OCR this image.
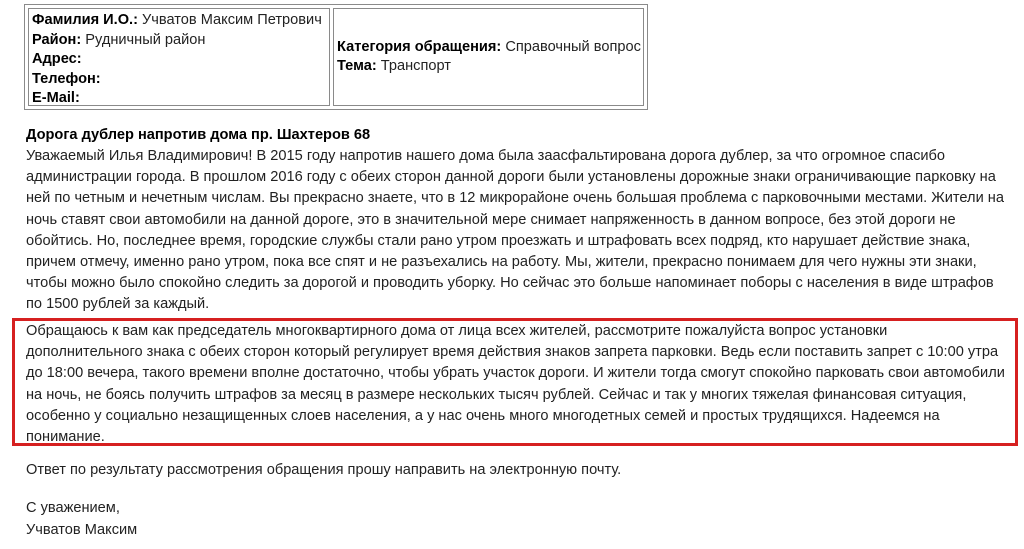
Фамилия И.О.: Учватов Максим Петрович
Район: Рудничный район
Адрес:
Телефон:
E-Mail:
Категория обращения: Справочный вопрос
Тема: Транспорт

Дорога дублер напротив дома пр. Шахтеров 68

Уважаемый Илья Владимирович! В 2015 году напротив нашего дома была заасфальтирована дорога дублер, за что огромное спасибо администрации города. В прошлом 2016 году с обеих сторон данной дороги были установлены дорожные знаки ограничивающие парковку на ней по четным и нечетным числам. Вы прекрасно знаете, что в 12 микрорайоне очень большая проблема с парковочными местами. Жители на ночь ставят свои автомобили на данной дороге, это в значительной мере снимает напряженность в данном вопросе, без этой дороги не обойтись. Но, последнее время, городские службы стали рано утром проезжать и штрафовать всех подряд, кто нарушает действие знака, причем отмечу, именно рано утром, пока все спят и не разъехались на работу. Мы, жители, прекрасно понимаем для чего нужны эти знаки, чтобы можно было спокойно следить за дорогой и проводить уборку. Но сейчас это больше напоминает поборы с населения в виде штрафов по 1500 рублей за каждый.

Обращаюсь к вам как председатель многоквартирного дома от лица всех жителей, рассмотрите пожалуйста вопрос установки дополнительного знака с обеих сторон который регулирует время действия знаков запрета парковки. Ведь если поставить запрет с 10:00 утра до 18:00 вечера, такого времени вполне достаточно, чтобы убрать участок дороги. И жители тогда смогут спокойно парковать свои автомобили на ночь, не боясь получить штрафов за месяц в размере нескольких тысяч рублей. Сейчас и так у многих тяжелая финансовая ситуация, особенно у социально незащищенных слоев населения, а у нас очень много многодетных семей и простых трудящихся. Надеемся на понимание.

Ответ по результату рассмотрения обращения прошу направить на электронную почту.

С уважением,
Учватов Максим
